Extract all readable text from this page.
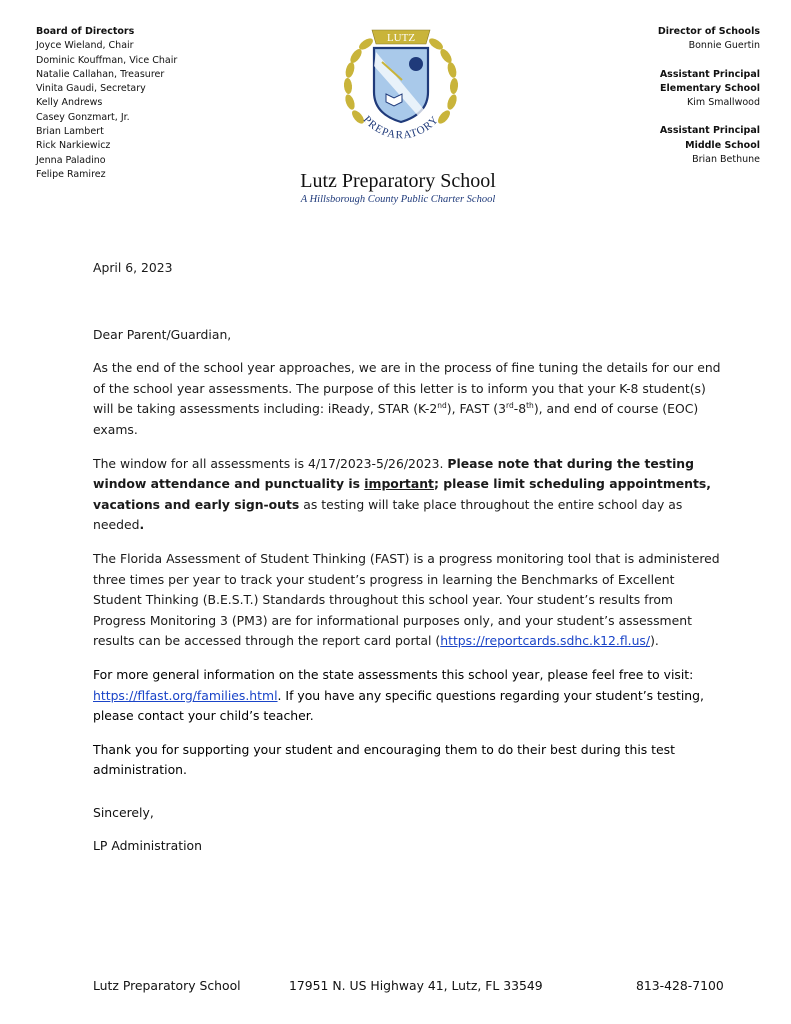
Board of Directors
Joyce Wieland, Chair
Dominic Kouffman, Vice Chair
Natalie Callahan, Treasurer
Vinita Gaudi, Secretary
Kelly Andrews
Casey Gonzmart, Jr.
Brian Lambert
Rick Narkiewicz
Jenna Paladino
Felipe Ramirez
Director of Schools
Bonnie Guertin
Assistant Principal
Elementary School
Kim Smallwood
Assistant Principal
Middle School
Brian Bethune
LUTZ
PREPARATORY
Lutz Preparatory School
A Hillsborough County Public Charter School

April 6, 2023

Dear Parent/Guardian,

As the end of the school year approaches, we are in the process of fine tuning the details for our end of the school year assessments. The purpose of this letter is to inform you that your K-8 student(s) will be taking assessments including: iReady, STAR (K-2nd), FAST (3rd-8th), and end of course (EOC) exams.

The window for all assessments is 4/17/2023-5/26/2023. Please note that during the testing window attendance and punctuality is important; please limit scheduling appointments, vacations and early sign-outs as testing will take place throughout the entire school day as needed.

The Florida Assessment of Student Thinking (FAST) is a progress monitoring tool that is administered three times per year to track your student’s progress in learning the Benchmarks of Excellent Student Thinking (B.E.S.T.) Standards throughout this school year. Your student’s results from Progress Monitoring 3 (PM3) are for informational purposes only, and your student’s assessment results can be accessed through the report card portal (https://reportcards.sdhc.k12.fl.us/).

For more general information on the state assessments this school year, please feel free to visit: https://flfast.org/families.html. If you have any specific questions regarding your student’s testing, please contact your child’s teacher.

Thank you for supporting your student and encouraging them to do their best during this test administration.

Sincerely,
LP Administration
Lutz Preparatory School	17951 N. US Highway 41, Lutz, FL 33549	813-428-7100
